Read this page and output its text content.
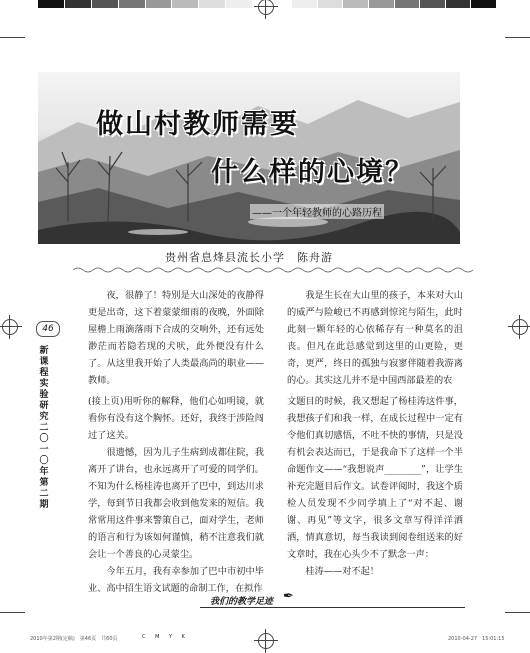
做山村教师需要
什么样的心境？
——一个年轻教师的心路历程
贵州省息烽县流长小学　陈舟游
46
新课程实验研究 二〇一〇年 第二期

夜，很静了！特别是大山深处的夜静得更是出奇，这下着蒙蒙细雨的夜晚，外面除屋檐上雨滴落雨下合成的交响外，还有远处渺茫而若隐若现的犬吠，此外便没有什么了。从这里我开始了人类最高尚的职业——教师。

我是生长在大山里的孩子，本来对大山的威严与险峻已不再感到惊诧与陌生，此时此刻一颗年轻的心依稀存有一种莫名的沮丧。但凡在此总感觉到这里的山更险，更奇，更严，终日的孤独与寂寥伴随着我游离的心。其实这儿并不是中国西部最差的农

(接上页)用听你的解释，他们心如明镜，就看你有没有这个胸怀。还好，我终于涉险闯过了这关。

很遗憾，因为儿子生病到成都住院，我离开了讲台，也永远离开了可爱的同学们。不知为什么杨桂涛也离开了巴中，到达川求学，每到节日我都会收到他发来的短信。我常常用这件事来警策自己，面对学生，老师的语言和行为该如何谨慎，稍不注意我们就会让一个善良的心灵蒙尘。

今年五月，我有幸参加了巴中市初中毕业、高中招生语文试题的命制工作，在拟作

文题目的时候，我又想起了杨桂涛这件事，我想孩子们和我一样，在成长过程中一定有令他们真切感悟，不吐不快的事情，只是没有机会表达而已，于是我命下了这样一个半命题作文——“我想说声________”，让学生补充完题目后作文。试卷评阅时，我这个质检人员发现不少同学填上了“对不起、谢谢、再见”等文字，很多文章写得洋洋洒洒，情真意切，每当我读到阅卷组送来的好文章时，我在心头少不了默念一声：

桂涛——对不起！

我们的教学足迹 ✒
2010年第2期(定稿)　第46页　共60页	C M Y K	2010-04-27　15:01:15
